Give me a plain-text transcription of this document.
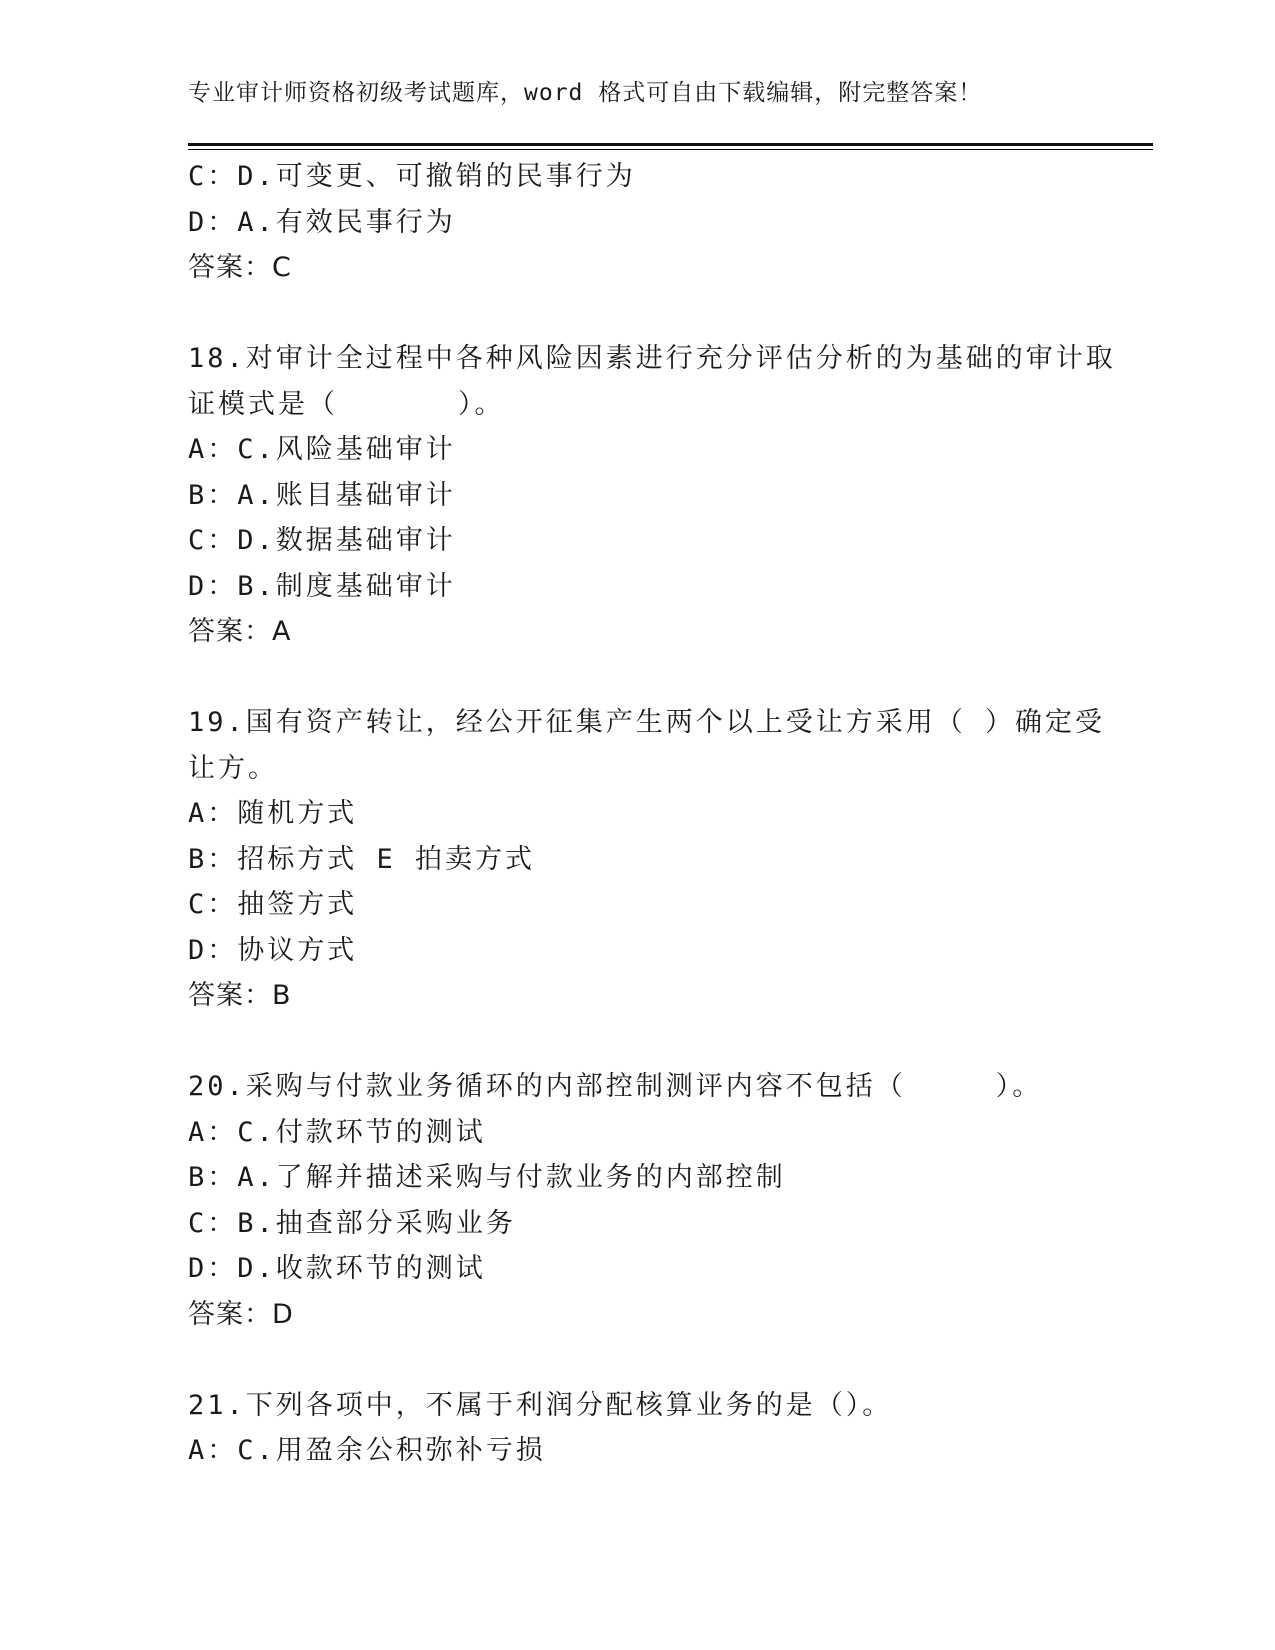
专业审计师资格初级考试题库，word 格式可自由下载编辑，附完整答案！
C：D.可变更、可撤销的民事行为
D：A.有效民事行为
答案：C
18.对审计全过程中各种风险因素进行充分评估分析的为基础的审计取
证模式是（　　　　）。
A：C.风险基础审计
B：A.账目基础审计
C：D.数据基础审计
D：B.制度基础审计
答案：A
19.国有资产转让，经公开征集产生两个以上受让方采用（ ）确定受
让方。
A：随机方式
B：招标方式 E 拍卖方式
C：抽签方式
D：协议方式
答案：B
20.采购与付款业务循环的内部控制测评内容不包括（　　　）。
A：C.付款环节的测试
B：A.了解并描述采购与付款业务的内部控制
C：B.抽查部分采购业务
D：D.收款环节的测试
答案：D
21.下列各项中，不属于利润分配核算业务的是（）。
A：C.用盈余公积弥补亏损
